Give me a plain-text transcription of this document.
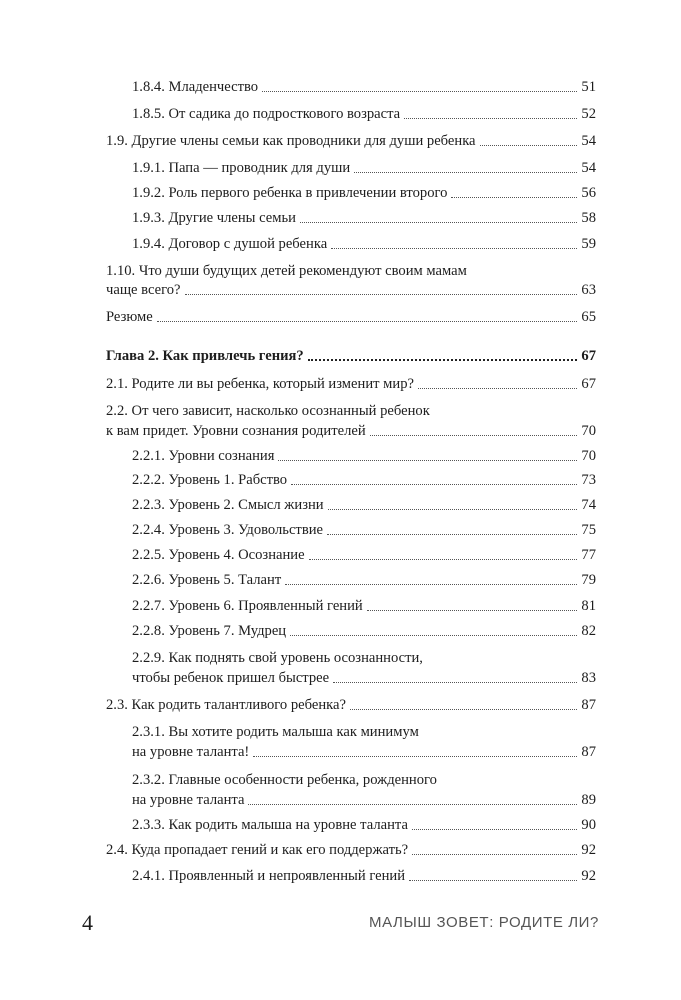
1.8.4. Младенчество	51
1.8.5. От садика до подросткового возраста	52
1.9. Другие члены семьи как проводники для души ребенка	54
1.9.1. Папа — проводник для души	54
1.9.2. Роль первого ребенка в привлечении второго	56
1.9.3. Другие члены семьи	58
1.9.4. Договор с душой ребенка	59
1.10. Что души будущих детей рекомендуют своим мамам
чаще всего?	63
Резюме	65
Глава 2. Как привлечь гения?	67
2.1. Родите ли вы ребенка, который изменит мир?	67
2.2. От чего зависит, насколько осознанный ребенок
к вам придет. Уровни сознания родителей	70
2.2.1. Уровни сознания	70
2.2.2. Уровень 1. Рабство	73
2.2.3. Уровень 2. Смысл жизни	74
2.2.4. Уровень 3. Удовольствие	75
2.2.5. Уровень 4. Осознание	77
2.2.6. Уровень 5. Талант	79
2.2.7. Уровень 6. Проявленный гений	81
2.2.8. Уровень 7. Мудрец	82
2.2.9. Как поднять свой уровень осознанности,
чтобы ребенок пришел быстрее	83
2.3. Как родить талантливого ребенка?	87
2.3.1. Вы хотите родить малыша как минимум
на уровне таланта!	87
2.3.2. Главные особенности ребенка, рожденного
на уровне таланта	89
2.3.3. Как родить малыша на уровне таланта	90
2.4. Куда пропадает гений и как его поддержать?	92
2.4.1. Проявленный и непроявленный гений	92
4	МАЛЫШ ЗОВЕТ: РОДИТЕ ЛИ?
